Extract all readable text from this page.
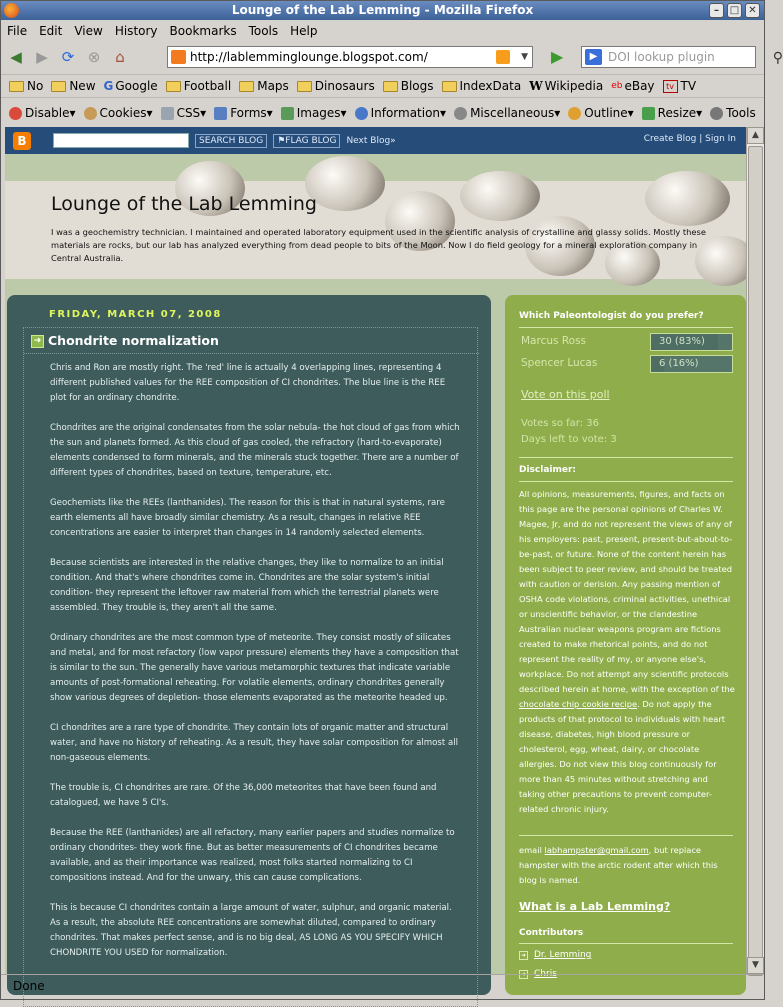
Lounge of the Lab Lemming - Mozilla Firefox	–	□ ✕
File	Edit	View	History	Bookmarks	Tools	Help
◀ ▶ ⟳ ⊗ ⌂	http://lablemminglounge.blogspot.com/	▼ ▶	▶ DOI lookup plugin	⚲
No New G Google Football Maps Dinosaurs Blogs IndexData W Wikipedia eb eBay	tv TV
Disable▾ Cookies▾ CSS▾ Forms▾ Images▾ Information▾ Miscellaneous▾ Outline▾ Resize▾ Tools
B	SEARCH BLOG	⚑FLAG BLOG	Next Blog»	Create Blog | Sign In
Lounge of the Lab Lemming

I was a geochemistry technician. I maintained and operated laboratory equipment used in the scientific analysis of crystalline and glassy solids. Mostly these materials are rocks, but our lab has analyzed everything from dead people to bits of the Moon. Now I do field geology for a mineral exploration company in Central Australia.

FRIDAY, MARCH 07, 2008
➜ Chondrite normalization

Chris and Ron are mostly right. The 'red' line is actually 4 overlapping lines, representing 4 different published values for the REE composition of CI chondrites. The blue line is the REE plot for an ordinary chondrite.

Chondrites are the original condensates from the solar nebula- the hot cloud of gas from which the sun and planets formed. As this cloud of gas cooled, the refractory (hard-to-evaporate) elements condensed to form minerals, and the minerals stuck together. There are a number of different types of chondrites, based on texture, temperature, etc.

Geochemists like the REEs (lanthanides). The reason for this is that in natural systems, rare earth elements all have broadly similar chemistry. As a result, changes in relative REE concentrations are easier to interpret than changes in 14 randomly selected elements.

Because scientists are interested in the relative changes, they like to normalize to an initial condition. And that's where chondrites come in. Chondrites are the solar system's initial condition- they represent the leftover raw material from which the terrestrial planets were assembled. They trouble is, they aren't all the same.

Ordinary chondrites are the most common type of meteorite. They consist mostly of silicates and metal, and for most refactory (low vapor pressure) elements they have a composition that is similar to the sun. The generally have various metamorphic textures that indicate variable amounts of post-formational reheating. For volatile elements, ordinary chondrites generally show various degrees of depletion- those elements evaporated as the meteorite headed up.

CI chondrites are a rare type of chondrite. They contain lots of organic matter and structural water, and have no history of reheating. As a result, they have solar composition for almost all non-gaseous elements.

The trouble is, CI chondrites are rare. Of the 36,000 meteorites that have been found and catalogued, we have 5 CI's.

Because the REE (lanthanides) are all refactory, many earlier papers and studies normalize to ordinary chondrites- they work fine. But as better measurements of CI chondrites became available, and as their importance was realized, most folks started normalizing to CI compositions instead. And for the unwary, this can cause complications.

This is because CI chondrites contain a large amount of water, sulphur, and organic material. As a result, the absolute REE concentrations are somewhat diluted, compared to ordinary chondrites. That makes perfect sense, and is no big deal, AS LONG AS YOU SPECIFY WHICH CHONDRITE YOU USED for normalization.

Which Paleontologist do you prefer?
Marcus Ross	30 (83%)
Spencer Lucas	6 (16%)
Vote on this poll
Votes so far: 36
Days left to vote: 3
Disclaimer:
All opinions, measurements, figures, and facts on this page are the personal opinions of Charles W. Magee, Jr, and do not represent the views of any of his employers: past, present, present-but-about-to-be-past, or future. None of the content herein has been subject to peer review, and should be treated with caution or derision. Any passing mention of OSHA code violations, criminal activities, unethical or unscientific behavior, or the clandestine Australian nuclear weapons program are fictions created to make rhetorical points, and do not represent the reality of my, or anyone else's, workplace. Do not attempt any scientific protocols described herein at home, with the exception of the chocolate chip cookie recipe. Do not apply the products of that protocol to individuals with heart disease, diabetes, high blood pressure or cholesterol, egg, wheat, dairy, or chocolate allergies. Do not view this blog continuously for more than 45 minutes without stretching and taking other precautions to prevent computer-related chronic injury.
email labhampster@gmail.com, but replace hampster with the arctic rodent after which this blog is named.
What is a Lab Lemming?
Contributors
➜ Dr. Lemming
➜ Chris
▲
▼
Done
